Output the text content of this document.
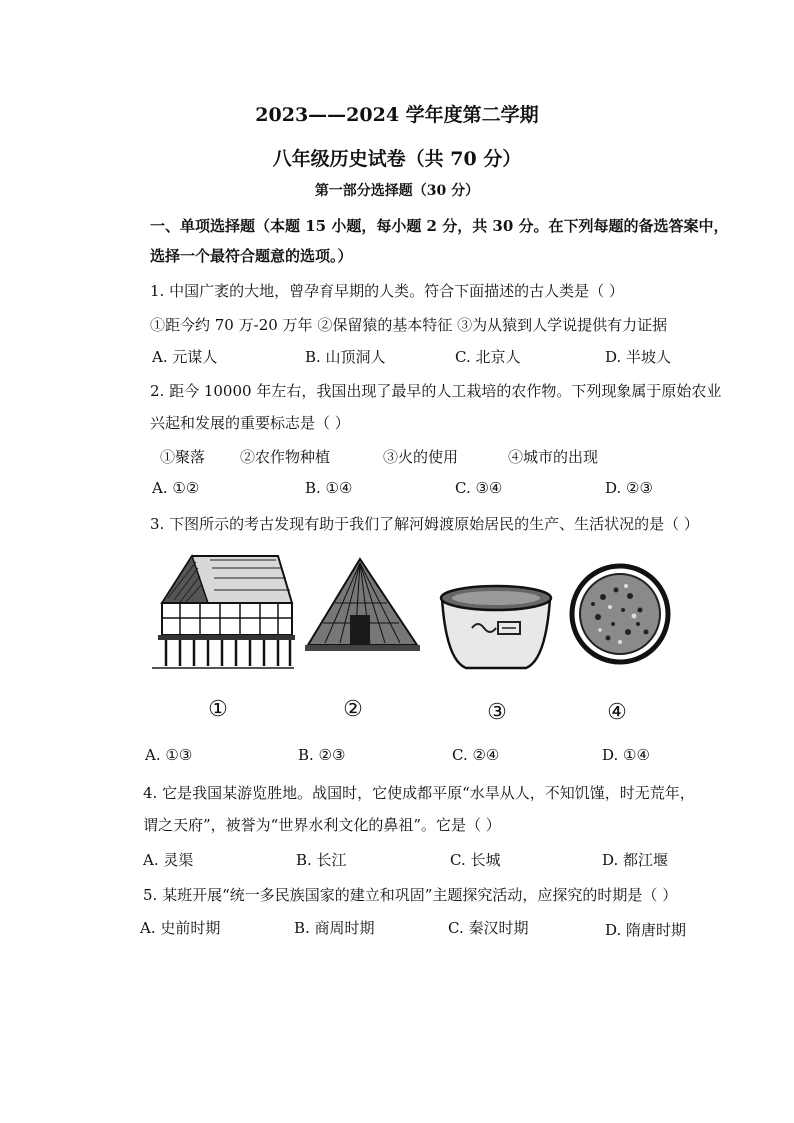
2023——2024 学年度第二学期
八年级历史试卷（共 70 分）
第一部分选择题（30 分）
一、单项选择题（本题 15 小题，每小题 2 分，共 30 分。在下列每题的备选答案中，
选择一个最符合题意的选项。）
1. 中国广袤的大地，曾孕育早期的人类。符合下面描述的古人类是（ ）
①距今约 70 万-20 万年 ②保留猿的基本特征 ③为从猿到人学说提供有力证据
A. 元谋人	B. 山顶洞人	C. 北京人	D. 半坡人
2. 距今 10000 年左右，我国出现了最早的人工栽培的农作物。下列现象属于原始农业
兴起和发展的重要标志是（ ）
①聚落 ②农作物种植	③火的使用	④城市的出现
A. ①②	B. ①④	C. ③④	D. ②③
3. 下图所示的考古发现有助于我们了解河姆渡原始居民的生产、生活状况的是（ ）
①	②	③	④
A. ①③	B. ②③	C. ②④	D. ①④
4. 它是我国某游览胜地。战国时，它使成都平原“水旱从人，不知饥馑，时无荒年，
谓之天府”，被誉为“世界水利文化的鼻祖”。它是（ ）
A. 灵渠	B. 长江	C. 长城	D. 都江堰
5. 某班开展“统一多民族国家的建立和巩固”主题探究活动，应探究的时期是（ ）
A. 史前时期	B. 商周时期	C. 秦汉时期	D. 隋唐时期
